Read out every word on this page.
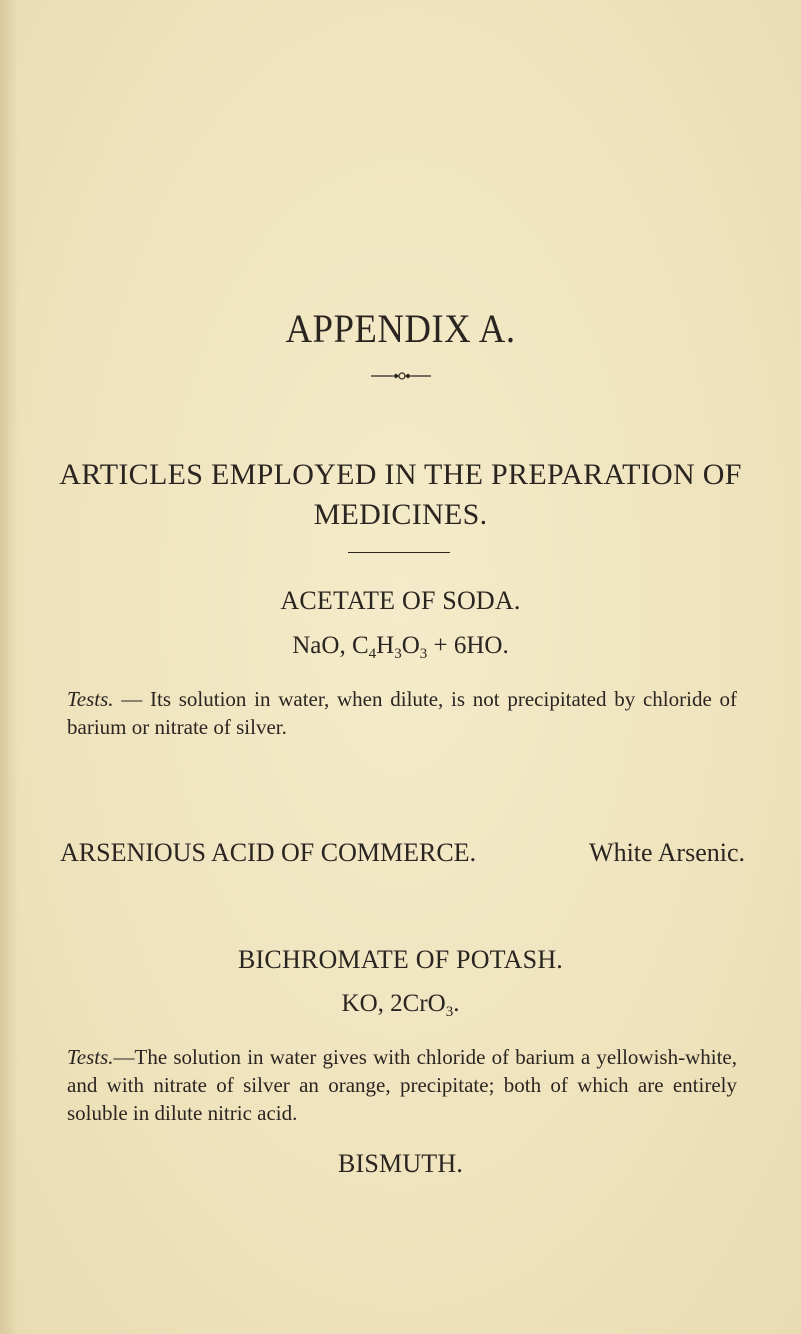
APPENDIX A.
ARTICLES EMPLOYED IN THE PREPARATION OF
MEDICINES.
ACETATE OF SODA.
NaO, $C_4H_3O_3 + 6HO$.
Tests. — Its solution in water, when dilute, is not precipitated by chloride of barium or nitrate of silver.
ARSENIOUS ACID OF COMMERCE.	White Arsenic.
BICHROMATE OF POTASH.
KO, 2CrO$_3$.
Tests.—The solution in water gives with chloride of barium a yellowish-white, and with nitrate of silver an orange, precipitate; both of which are entirely soluble in dilute nitric acid.
BISMUTH.
